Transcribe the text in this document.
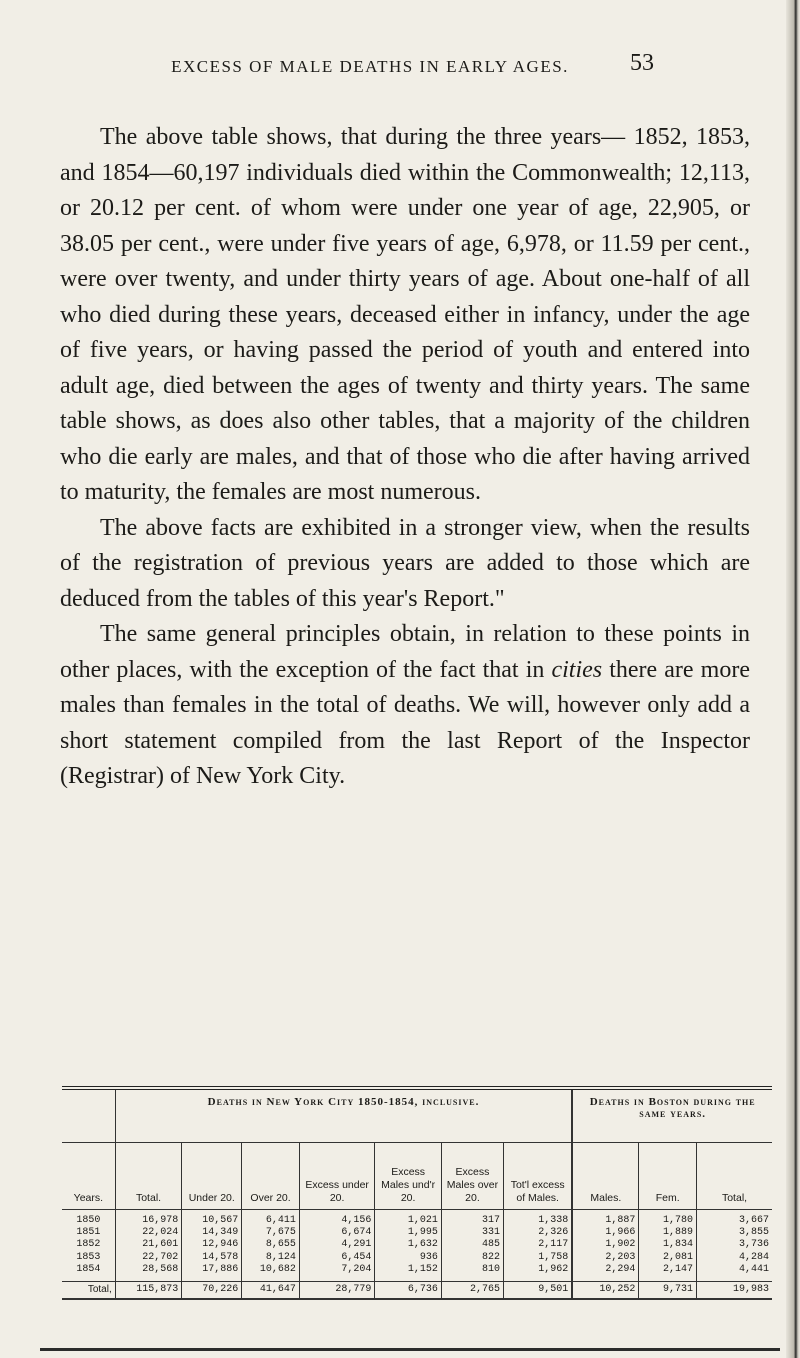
EXCESS OF MALE DEATHS IN EARLY AGES.	53

The above table shows, that during the three years— 1852, 1853, and 1854—60,197 individuals died within the Commonwealth; 12,113, or 20.12 per cent. of whom were under one year of age, 22,905, or 38.05 per cent., were under five years of age, 6,978, or 11.59 per cent., were over twenty, and under thirty years of age. About one-half of all who died during these years, deceased either in infancy, under the age of five years, or having passed the period of youth and entered into adult age, died between the ages of twenty and thirty years. The same table shows, as does also other tables, that a majority of the children who die early are males, and that of those who die after having arrived to maturity, the females are most numerous.

The above facts are exhibited in a stronger view, when the results of the registration of previous years are added to those which are deduced from the tables of this year's Report."

The same general principles obtain, in relation to these points in other places, with the exception of the fact that in cities there are more males than females in the total of deaths. We will, however only add a short statement compiled from the last Report of the Inspector (Registrar) of New York City.

	Deaths in New York City 1850-1854, inclusive.							Deaths in Boston during the same years.		
Years.	Total.	Under 20.	Over 20.	Excess under 20.	Excess Males und'r 20.	Excess Males over 20.	Tot'l excess of Males.	Males.	Fem.	Total,
1850	16,978	10,567	6,411	4,156	1,021	317	1,338	1,887	1,780	3,667
1851	22,024	14,349	7,675	6,674	1,995	331	2,326	1,966	1,889	3,855
1852	21,601	12,946	8,655	4,291	1,632	485	2,117	1,902	1,834	3,736
1853	22,702	14,578	8,124	6,454	936	822	1,758	2,203	2,081	4,284
1854	28,568	17,886	10,682	7,204	1,152	810	1,962	2,294	2,147	4,441
Total,	115,873	70,226	41,647	28,779	6,736	2,765	9,501	10,252	9,731	19,983
